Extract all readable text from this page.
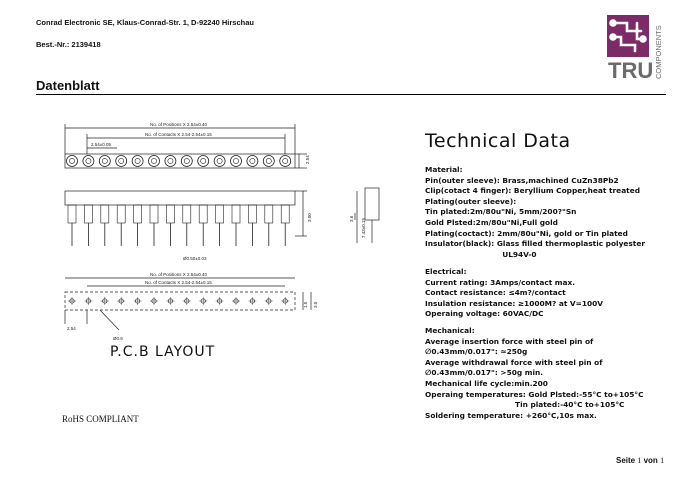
Conrad Electronic SE, Klaus-Conrad-Str. 1, D-92240 Hirschau
Best.-Nr.: 2139418
Datenblatt
TRU COMPONENTS
No. of Positions X 2.54±0.40
No. of Contacts X 2.54-2.54±0.15
2.54±0.05
Ø0.50±0.03
No. of Positions X 2.54±0.40
No. of Contacts X 2.54-2.54±0.15
2.54
Ø0.9
2.54
3.00	3.6 7.43±0.15
1.5 3.0
P.C.B LAYOUT
RoHS COMPLIANT
Technical Data
Material:
Pin(outer sleeve): Brass,machined CuZn38Pb2
Clip(cotact 4 finger): Beryllium Copper,heat treated
Plating(outer sleeve):
Tin plated:2m/80u"Ni, 5mm/200?"Sn
Gold Plsted:2m/80u"Ni,Full gold
Plating(coctact): 2mm/80u"Ni, gold or Tin plated
Insulator(black): Glass filled thermoplastic polyester
UL94V-0
Electrical:
Current rating: 3Amps/contact max.
Contact resistance: ≤4m?/contact
Insulation resistance: ≥1000M? at V=100V
Operaing voltage: 60VAC/DC
Mechanical:
Average insertion force with steel pin of
∅0.43mm/0.017": ≈250g
Average withdrawal force with steel pin of
∅0.43mm/0.017": >50g min.
Mechanical life cycle:min.200
Operaing temperatures: Gold Plsted:-55°C to+105°C
Tin plated:-40°C to+105°C
Soldering temperature: +260°C,10s max.
Seite 1 von 1
